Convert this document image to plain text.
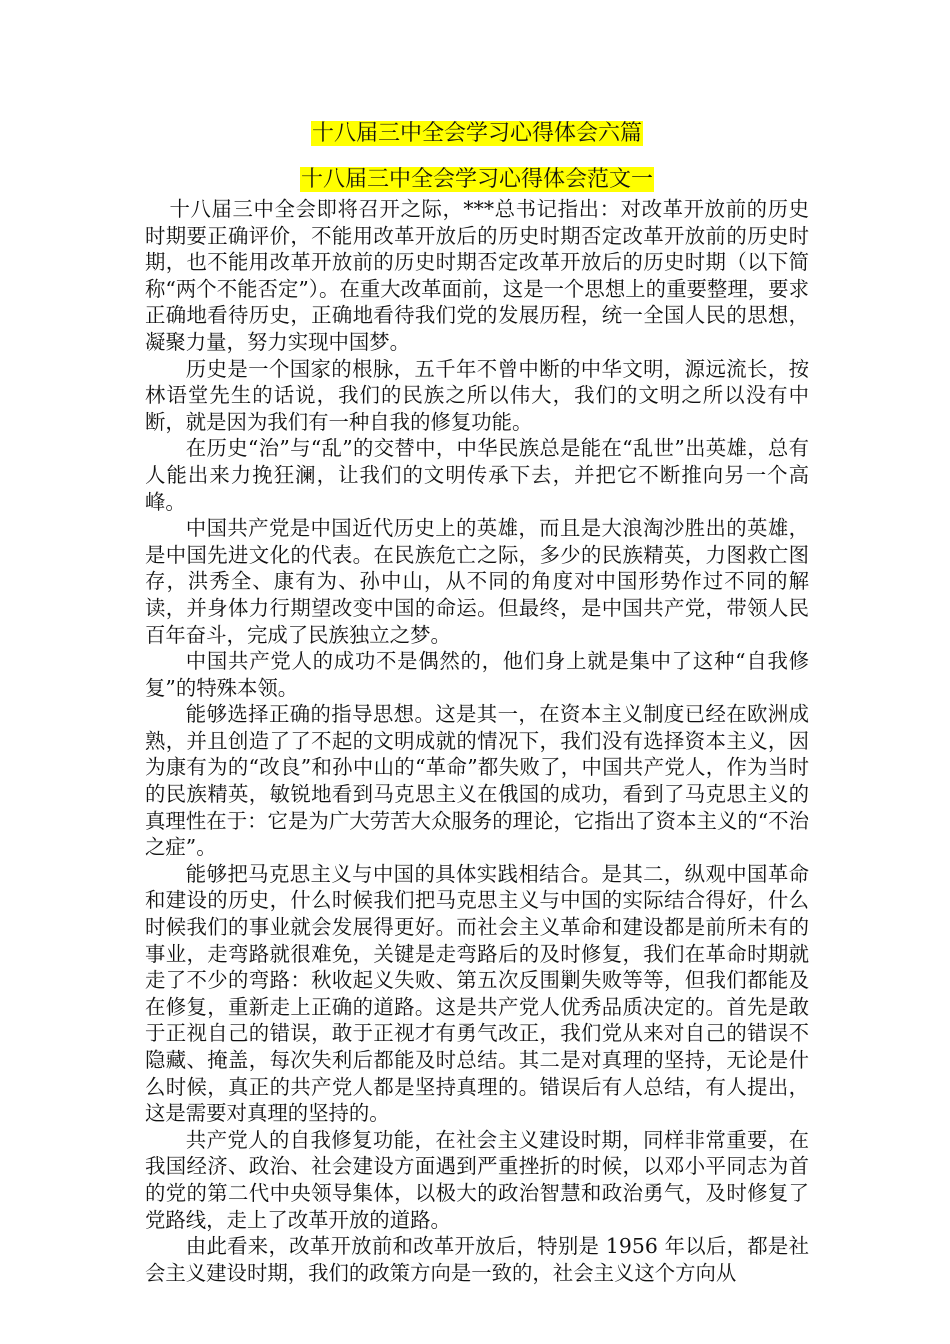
十八届三中全会学习心得体会六篇
十八届三中全会学习心得体会范文一

十八届三中全会即将召开之际，***总书记指出：对改革开放前的历史时期要正确评价，不能用改革开放后的历史时期否定改革开放前的历史时期，也不能用改革开放前的历史时期否定改革开放后的历史时期（以下简称“两个不能否定”）。在重大改革面前，这是一个思想上的重要整理，要求正确地看待历史，正确地看待我们党的发展历程，统一全国人民的思想，凝聚力量，努力实现中国梦。

历史是一个国家的根脉，五千年不曾中断的中华文明，源远流长，按林语堂先生的话说，我们的民族之所以伟大，我们的文明之所以没有中断，就是因为我们有一种自我的修复功能。

在历史“治”与“乱”的交替中，中华民族总是能在“乱世”出英雄，总有人能出来力挽狂澜，让我们的文明传承下去，并把它不断推向另一个高峰。

中国共产党是中国近代历史上的英雄，而且是大浪淘沙胜出的英雄，是中国先进文化的代表。在民族危亡之际，多少的民族精英，力图救亡图存，洪秀全、康有为、孙中山，从不同的角度对中国形势作过不同的解读，并身体力行期望改变中国的命运。但最终，是中国共产党，带领人民百年奋斗，完成了民族独立之梦。

中国共产党人的成功不是偶然的，他们身上就是集中了这种“自我修复”的特殊本领。

能够选择正确的指导思想。这是其一，在资本主义制度已经在欧洲成熟，并且创造了了不起的文明成就的情况下，我们没有选择资本主义，因为康有为的“改良”和孙中山的“革命”都失败了，中国共产党人，作为当时的民族精英，敏锐地看到马克思主义在俄国的成功，看到了马克思主义的真理性在于：它是为广大劳苦大众服务的理论，它指出了资本主义的“不治之症”。

能够把马克思主义与中国的具体实践相结合。是其二，纵观中国革命和建设的历史，什么时候我们把马克思主义与中国的实际结合得好，什么时候我们的事业就会发展得更好。而社会主义革命和建设都是前所未有的事业，走弯路就很难免，关键是走弯路后的及时修复，我们在革命时期就走了不少的弯路：秋收起义失败、第五次反围剿失败等等，但我们都能及在修复，重新走上正确的道路。这是共产党人优秀品质决定的。首先是敢于正视自己的错误，敢于正视才有勇气改正，我们党从来对自己的错误不隐藏、掩盖，每次失利后都能及时总结。其二是对真理的坚持，无论是什么时候，真正的共产党人都是坚持真理的。错误后有人总结，有人提出，这是需要对真理的坚持的。

共产党人的自我修复功能，在社会主义建设时期，同样非常重要，在我国经济、政治、社会建设方面遇到严重挫折的时候，以邓小平同志为首的党的第二代中央领导集体，以极大的政治智慧和政治勇气，及时修复了党路线，走上了改革开放的道路。

由此看来，改革开放前和改革开放后，特别是 1956 年以后，都是社会主义建设时期，我们的政策方向是一致的，社会主义这个方向从
